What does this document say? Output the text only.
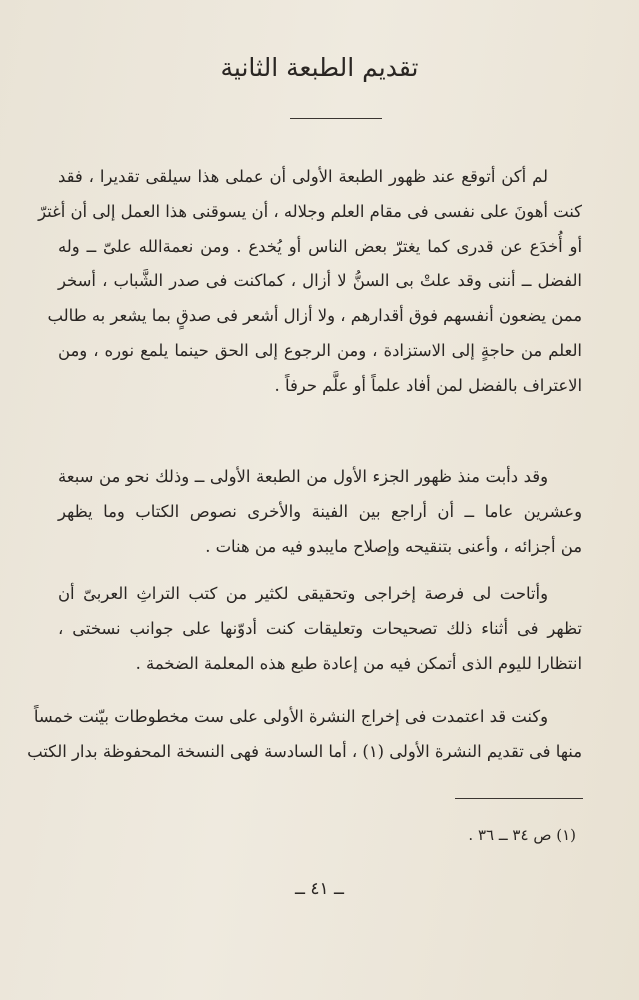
تقديم الطبعة الثانية
لم أكن أتوقع عند ظهور الطبعة الأولى أن عملى هذا سيلقى تقديرا ، فقد
كنت أهونَ على نفسى فى مقام العلم وجلاله ، أن يسوقنى هذا العمل إلى أن أغترّ
أو أُخدَع عن قدرى كما يغترّ بعض الناس أو يُخدع . ومن نعمةالله علىّ ــ وله
الفضل ــ أننى وقد علتْ بى السنُّ لا أزال ، كماكنت فى صدر الشَّباب ، أسخر
ممن يضعون أنفسهم فوق أقدارهم ، ولا أزال أشعر فى صدقٍ بما يشعر به طالب
العلم من حاجةٍ إلى الاستزادة ، ومن الرجوع إلى الحق حينما يلمع نوره ، ومن
الاعتراف بالفضل لمن أفاد علماً أو علَّم حرفاً .
وقد دأبت منذ ظهور الجزء الأول من الطبعة الأولى ــ وذلك نحو من سبعة
وعشرين عاما ــ أن أراجع بين الفينة والأخرى نصوص الكتاب وما يظهر
من أجزائه ، وأعنى بتنقيحه وإصلاح مايبدو فيه من هنات .
وأتاحت لى فرصة إخراجى وتحقيقى لكثير من كتب التراثِ العربىّ أن
تظهر فى أثناء ذلك تصحيحات وتعليقات كنت أدوّنها على جوانب نسختى ،
انتظارا لليوم الذى أتمكن فيه من إعادة طبع هذه المعلمة الضخمة .
وكنت قد اعتمدت فى إخراج النشرة الأولى على ست مخطوطات بيّنت خمساً
منها فى تقديم النشرة الأولى (١) ، أما السادسة فهى النسخة المحفوظة بدار الكتب
(١) ص ٣٤ ــ ٣٦ .
ــ ٤١ ــ
